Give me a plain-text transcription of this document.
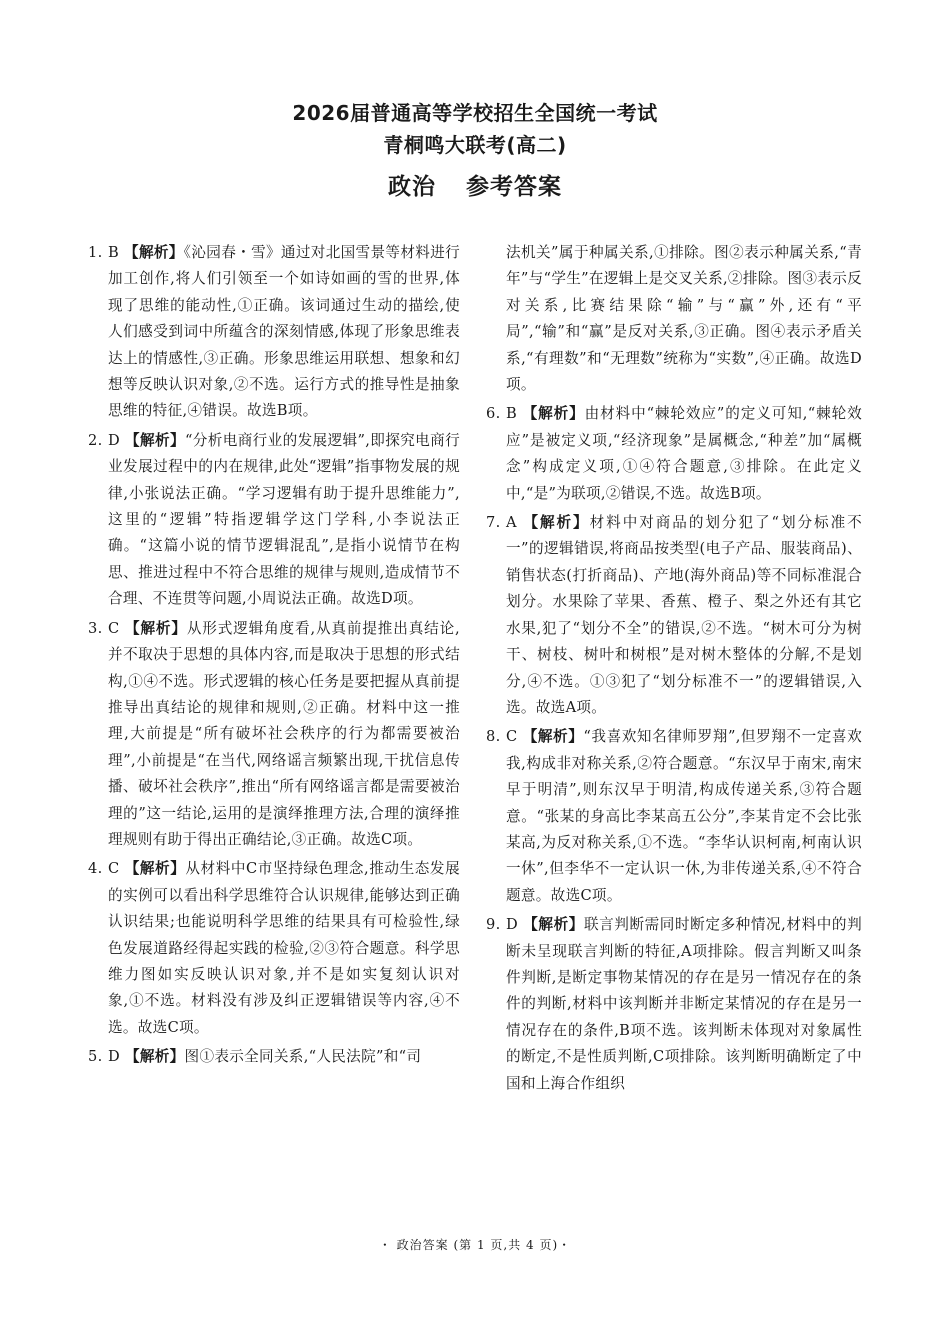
2026届普通高等学校招生全国统一考试
青桐鸣大联考(高二)
政治 参考答案
1. B 【解析】《沁园春・雪》通过对北国雪景等材料进行加工创作,将人们引领至一个如诗如画的雪的世界,体现了思维的能动性,①正确。该词通过生动的描绘,使人们感受到词中所蕴含的深刻情感,体现了形象思维表达上的情感性,③正确。形象思维运用联想、想象和幻想等反映认识对象,②不选。运行方式的推导性是抽象思维的特征,④错误。故选B项。
2. D 【解析】“分析电商行业的发展逻辑”,即探究电商行业发展过程中的内在规律,此处“逻辑”指事物发展的规律,小张说法正确。“学习逻辑有助于提升思维能力”,这里的“逻辑”特指逻辑学这门学科,小李说法正确。“这篇小说的情节逻辑混乱”,是指小说情节在构思、推进过程中不符合思维的规律与规则,造成情节不合理、不连贯等问题,小周说法正确。故选D项。
3. C 【解析】从形式逻辑角度看,从真前提推出真结论,并不取决于思想的具体内容,而是取决于思想的形式结构,①④不选。形式逻辑的核心任务是要把握从真前提推导出真结论的规律和规则,②正确。材料中这一推理,大前提是“所有破坏社会秩序的行为都需要被治理”,小前提是“在当代,网络谣言频繁出现,干扰信息传播、破坏社会秩序”,推出“所有网络谣言都是需要被治理的”这一结论,运用的是演绎推理方法,合理的演绎推理规则有助于得出正确结论,③正确。故选C项。
4. C 【解析】从材料中C市坚持绿色理念,推动生态发展的实例可以看出科学思维符合认识规律,能够达到正确认识结果;也能说明科学思维的结果具有可检验性,绿色发展道路经得起实践的检验,②③符合题意。科学思维力图如实反映认识对象,并不是如实复刻认识对象,①不选。材料没有涉及纠正逻辑错误等内容,④不选。故选C项。
5. D 【解析】图①表示全同关系,“人民法院”和“司
法机关”属于种属关系,①排除。图②表示种属关系,“青年”与“学生”在逻辑上是交叉关系,②排除。图③表示反对关系,比赛结果除“输”与“赢”外,还有“平局”,“输”和“赢”是反对关系,③正确。图④表示矛盾关系,“有理数”和“无理数”统称为“实数”,④正确。故选D项。
6. B 【解析】由材料中“棘轮效应”的定义可知,“棘轮效应”是被定义项,“经济现象”是属概念,“种差”加“属概念”构成定义项,①④符合题意,③排除。在此定义中,“是”为联项,②错误,不选。故选B项。
7. A 【解析】材料中对商品的划分犯了“划分标准不一”的逻辑错误,将商品按类型(电子产品、服装商品)、销售状态(打折商品)、产地(海外商品)等不同标准混合划分。水果除了苹果、香蕉、橙子、梨之外还有其它水果,犯了“划分不全”的错误,②不选。“树木可分为树干、树枝、树叶和树根”是对树木整体的分解,不是划分,④不选。①③犯了“划分标准不一”的逻辑错误,入选。故选A项。
8. C 【解析】“我喜欢知名律师罗翔”,但罗翔不一定喜欢我,构成非对称关系,②符合题意。“东汉早于南宋,南宋早于明清”,则东汉早于明清,构成传递关系,③符合题意。“张某的身高比李某高五公分”,李某肯定不会比张某高,为反对称关系,①不选。“李华认识柯南,柯南认识一休”,但李华不一定认识一休,为非传递关系,④不符合题意。故选C项。
9. D 【解析】联言判断需同时断定多种情况,材料中的判断未呈现联言判断的特征,A项排除。假言判断又叫条件判断,是断定事物某情况的存在是另一情况存在的条件的判断,材料中该判断并非断定某情况的存在是另一情况存在的条件,B项不选。该判断未体现对对象属性的断定,不是性质判断,C项排除。该判断明确断定了中国和上海合作组织
・ 政治答案 (第 1 页,共 4 页)・
